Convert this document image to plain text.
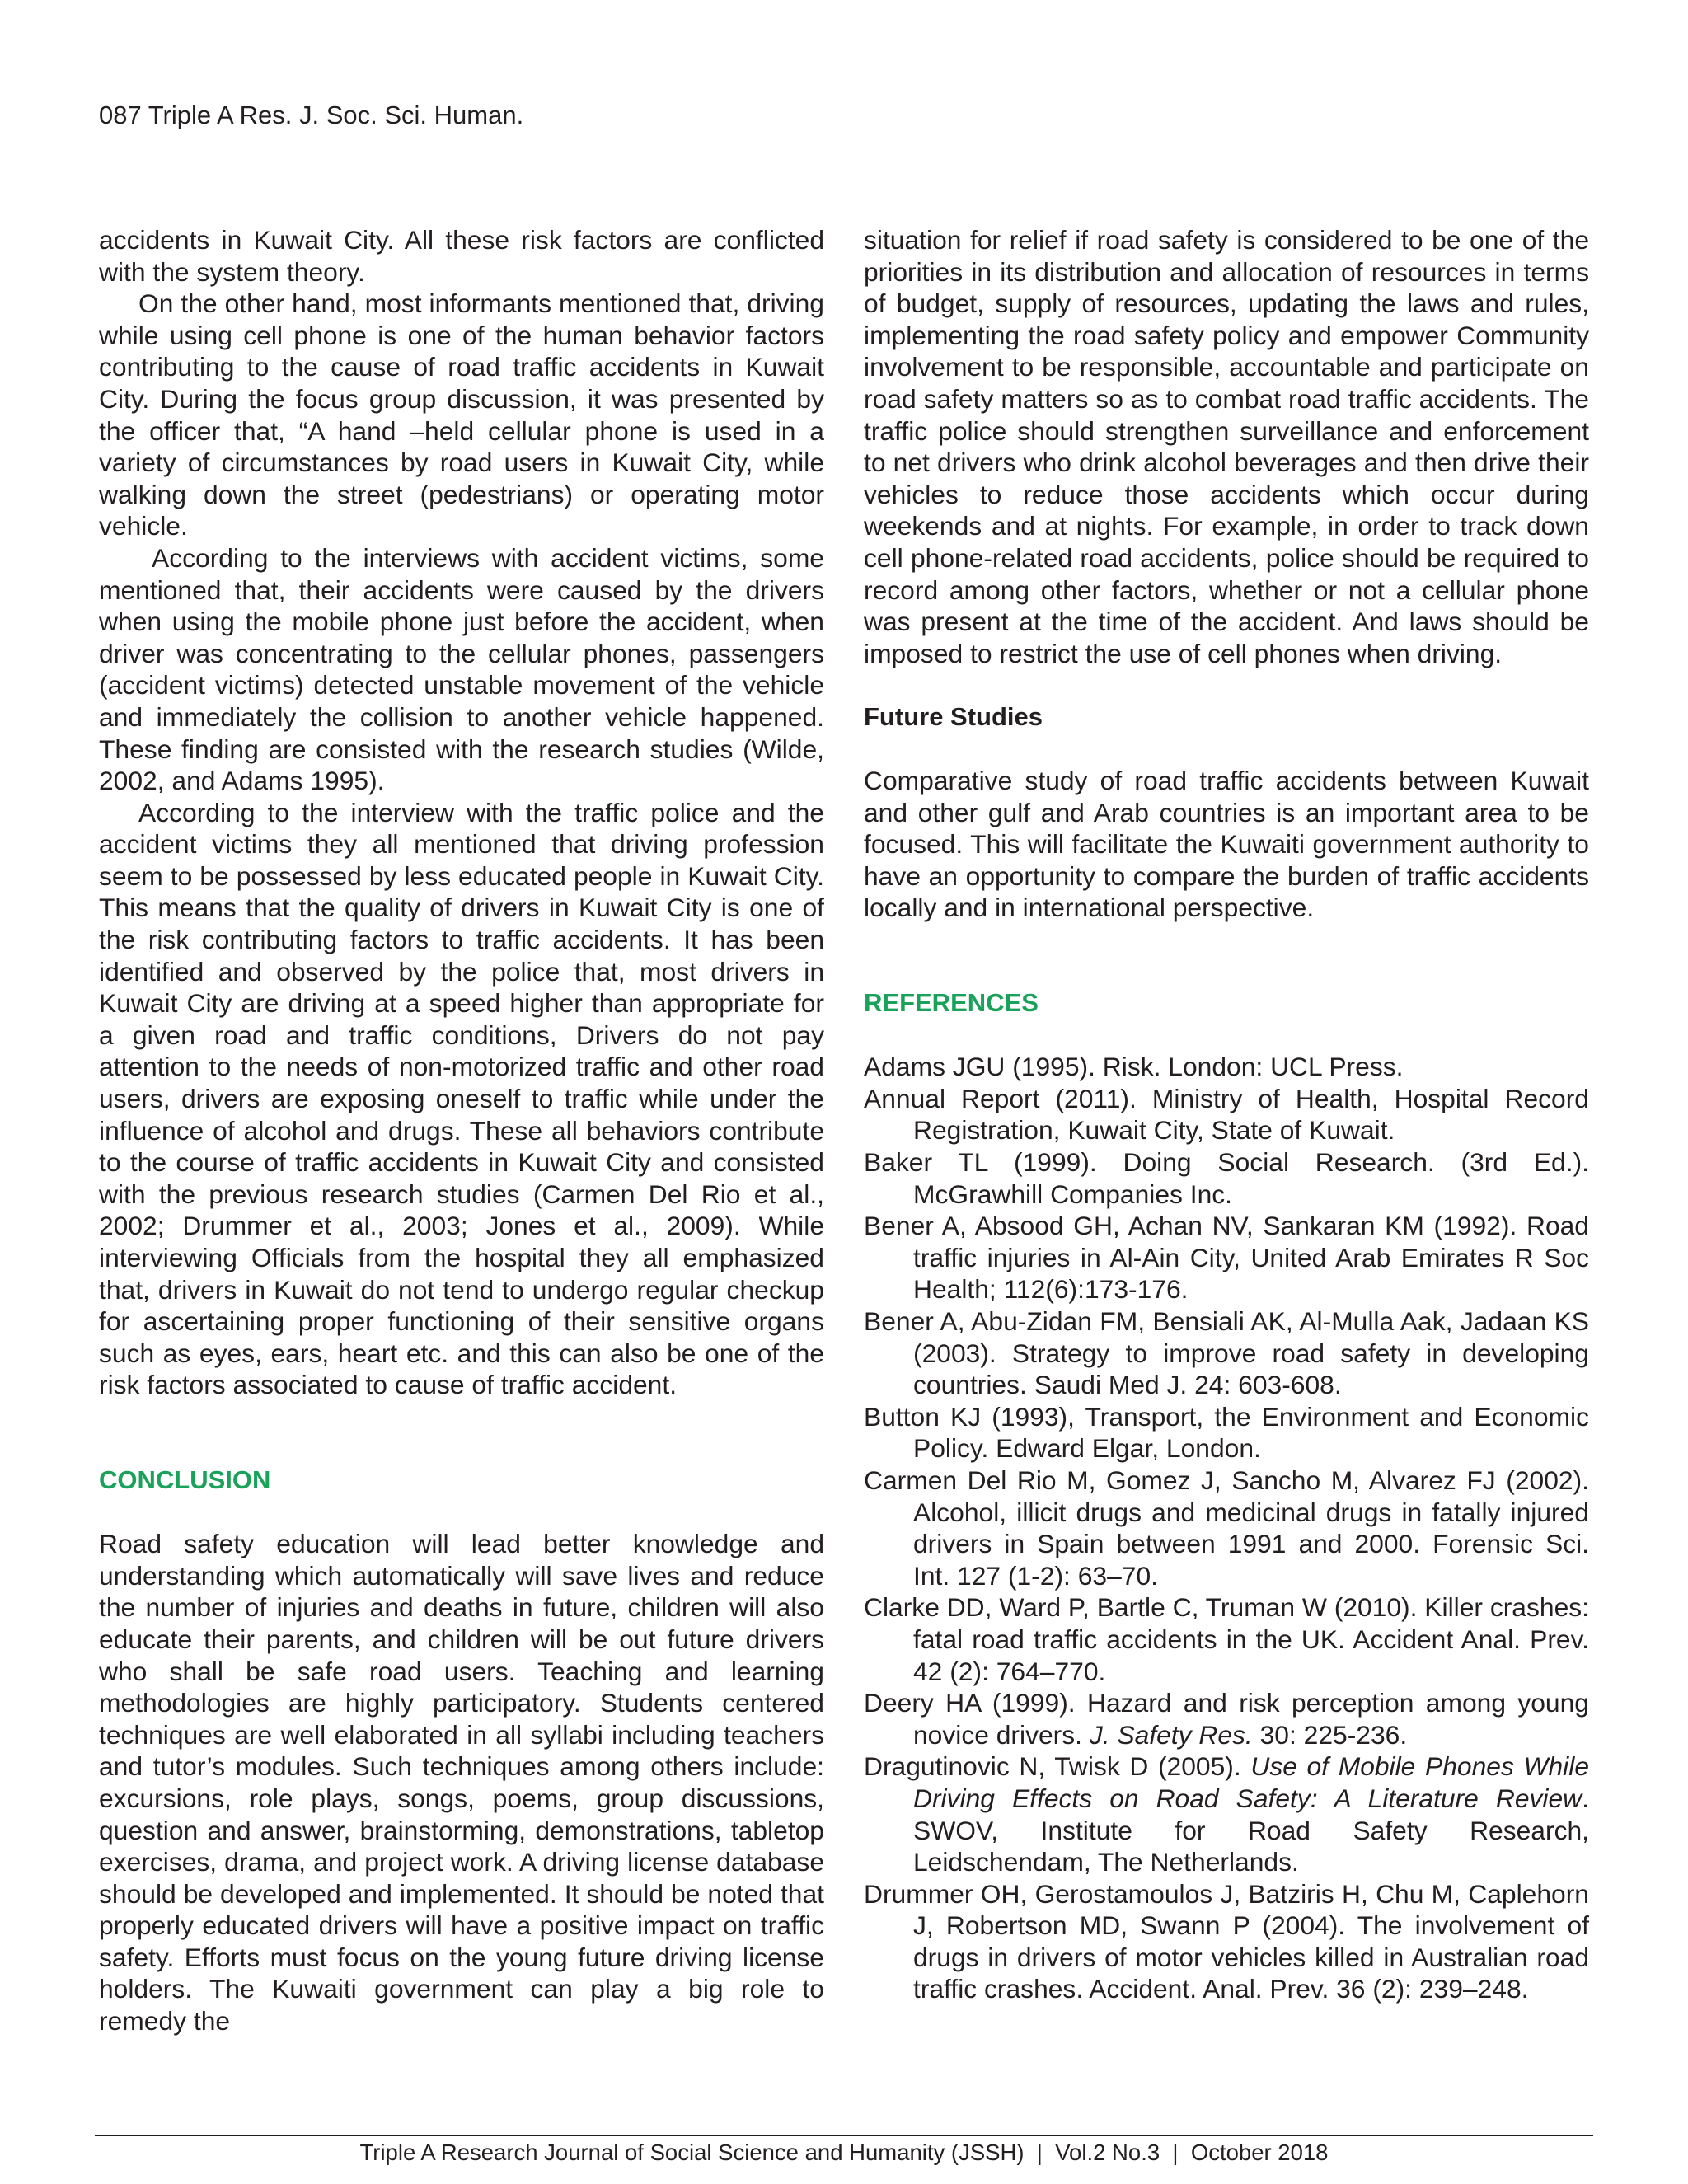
087 Triple A Res. J. Soc. Sci. Human.

accidents in Kuwait City. All these risk factors are conflicted with the system theory.

On the other hand, most informants mentioned that, driving while using cell phone is one of the human behavior factors contributing to the cause of road traffic accidents in Kuwait City. During the focus group discussion, it was presented by the officer that, “A hand –held cellular phone is used in a variety of circumstances by road users in Kuwait City, while walking down the street (pedestrians) or operating motor vehicle.

According to the interviews with accident victims, some mentioned that, their accidents were caused by the drivers when using the mobile phone just before the accident, when driver was concentrating to the cellular phones, passengers (accident victims) detected unstable movement of the vehicle and immediately the collision to another vehicle happened. These finding are consisted with the research studies (Wilde, 2002, and Adams 1995).

According to the interview with the traffic police and the accident victims they all mentioned that driving profession seem to be possessed by less educated people in Kuwait City. This means that the quality of drivers in Kuwait City is one of the risk contributing factors to traffic accidents. It has been identified and observed by the police that, most drivers in Kuwait City are driving at a speed higher than appropriate for a given road and traffic conditions, Drivers do not pay attention to the needs of non-motorized traffic and other road users, drivers are exposing oneself to traffic while under the influence of alcohol and drugs. These all behaviors contribute to the course of traffic accidents in Kuwait City and consisted with the previous research studies (Carmen Del Rio et al., 2002; Drummer et al., 2003; Jones et al., 2009). While interviewing Officials from the hospital they all emphasized that, drivers in Kuwait do not tend to undergo regular checkup for ascertaining proper functioning of their sensitive organs such as eyes, ears, heart etc. and this can also be one of the risk factors associated to cause of traffic accident.

CONCLUSION

Road safety education will lead better knowledge and understanding which automatically will save lives and reduce the number of injuries and deaths in future, children will also educate their parents, and children will be out future drivers who shall be safe road users. Teaching and learning methodologies are highly participatory. Students centered techniques are well elaborated in all syllabi including teachers and tutor’s modules. Such techniques among others include: excursions, role plays, songs, poems, group discussions, question and answer, brainstorming, demonstrations, tabletop exercises, drama, and project work. A driving license database should be developed and implemented. It should be noted that properly educated drivers will have a positive impact on traffic safety. Efforts must focus on the young future driving license holders. The Kuwaiti government can play a big role to remedy the

situation for relief if road safety is considered to be one of the priorities in its distribution and allocation of resources in terms of budget, supply of resources, updating the laws and rules, implementing the road safety policy and empower Community involvement to be responsible, accountable and participate on road safety matters so as to combat road traffic accidents. The traffic police should strengthen surveillance and enforcement to net drivers who drink alcohol beverages and then drive their vehicles to reduce those accidents which occur during weekends and at nights. For example, in order to track down cell phone-related road accidents, police should be required to record among other factors, whether or not a cellular phone was present at the time of the accident. And laws should be imposed to restrict the use of cell phones when driving.

Future Studies

Comparative study of road traffic accidents between Kuwait and other gulf and Arab countries is an important area to be focused. This will facilitate the Kuwaiti government authority to have an opportunity to compare the burden of traffic accidents locally and in international perspective.

REFERENCES
Adams JGU (1995). Risk. London: UCL Press.
Annual Report (2011). Ministry of Health, Hospital Record Registration, Kuwait City, State of Kuwait.
Baker TL (1999). Doing Social Research. (3rd Ed.). McGrawhill Companies Inc.
Bener A, Absood GH, Achan NV, Sankaran KM (1992). Road traffic injuries in Al-Ain City, United Arab Emirates R Soc Health; 112(6):173-176.
Bener A, Abu-Zidan FM, Bensiali AK, Al-Mulla Aak, Jadaan KS (2003). Strategy to improve road safety in developing countries. Saudi Med J. 24: 603-608.
Button KJ (1993), Transport, the Environment and Economic Policy. Edward Elgar, London.
Carmen Del Rio M, Gomez J, Sancho M, Alvarez FJ (2002). Alcohol, illicit drugs and medicinal drugs in fatally injured drivers in Spain between 1991 and 2000. Forensic Sci. Int. 127 (1-2): 63–70.
Clarke DD, Ward P, Bartle C, Truman W (2010). Killer crashes: fatal road traffic accidents in the UK. Accident Anal. Prev. 42 (2): 764–770.
Deery HA (1999). Hazard and risk perception among young novice drivers. J. Safety Res. 30: 225-236.
Dragutinovic N, Twisk D (2005). Use of Mobile Phones While Driving Effects on Road Safety: A Literature Review. SWOV, Institute for Road Safety Research, Leidschendam, The Netherlands.
Drummer OH, Gerostamoulos J, Batziris H, Chu M, Caplehorn J, Robertson MD, Swann P (2004). The involvement of drugs in drivers of motor vehicles killed in Australian road traffic crashes. Accident. Anal. Prev. 36 (2): 239–248.
Triple A Research Journal of Social Science and Humanity (JSSH)  |  Vol.2 No.3  |  October 2018
